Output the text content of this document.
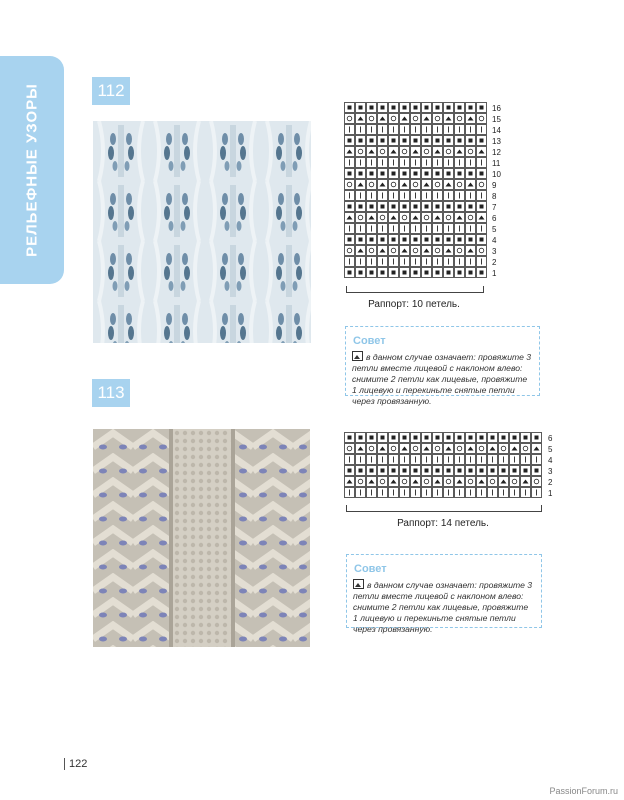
РЕЛЬЕФНЫЕ УЗОРЫ	112
16
15
14
13
12
11
10
9
8
7
6
5
4
3
2
1
Раппорт: 10 петель.
Совет
в данном случае означает: провяжите 3 петли вместе лицевой с наклоном влево: снимите 2 петли как лицевые, провяжите 1 лицевую и перекиньте снятые петли через провязанную.
113
6
5
4
3
2
1
Раппорт: 14 петель.
Совет
в данном случае означает: провяжите 3 петли вместе лицевой с наклоном влево: снимите 2 петли как лицевые, провяжите 1 лицевую и перекиньте снятые петли через провязанную.
122
PassionForum.ru
